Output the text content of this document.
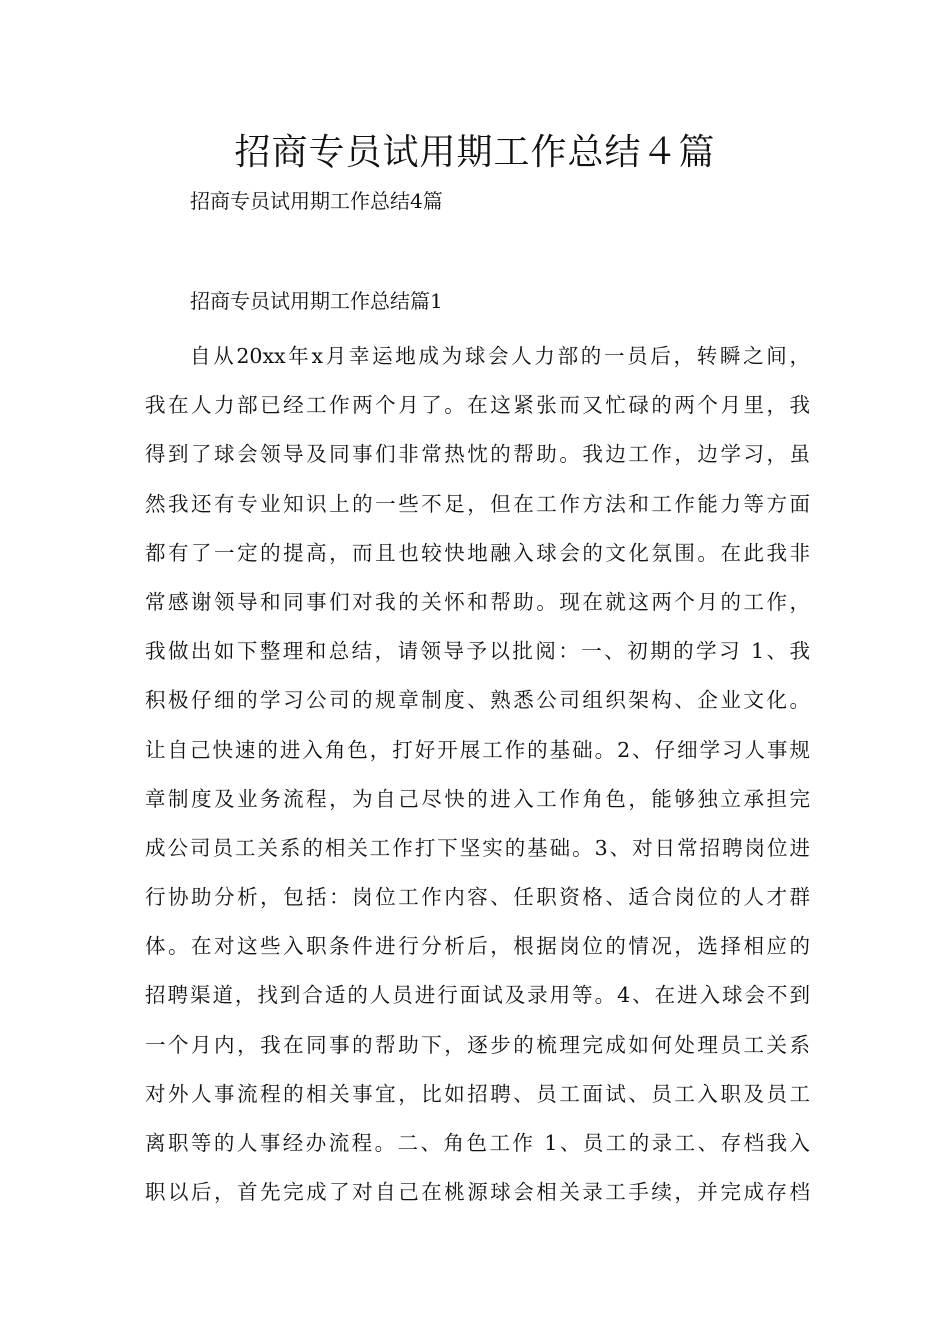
招商专员试用期工作总结４篇

招商专员试用期工作总结4篇

招商专员试用期工作总结篇1

自从20xx年x月幸运地成为球会人力部的一员后，转瞬之间，
我在人力部已经工作两个月了。在这紧张而又忙碌的两个月里，我
得到了球会领导及同事们非常热忱的帮助。我边工作，边学习，虽
然我还有专业知识上的一些不足，但在工作方法和工作能力等方面
都有了一定的提高，而且也较快地融入球会的文化氛围。在此我非
常感谢领导和同事们对我的关怀和帮助。现在就这两个月的工作，
我做出如下整理和总结，请领导予以批阅：一、初期的学习 1、我
积极仔细的学习公司的规章制度、熟悉公司组织架构、企业文化。
让自己快速的进入角色，打好开展工作的基础。2、仔细学习人事规
章制度及业务流程，为自己尽快的进入工作角色，能够独立承担完
成公司员工关系的相关工作打下坚实的基础。3、对日常招聘岗位进
行协助分析，包括：岗位工作内容、任职资格、适合岗位的人才群
体。在对这些入职条件进行分析后，根据岗位的情况，选择相应的
招聘渠道，找到合适的人员进行面试及录用等。4、在进入球会不到
一个月内，我在同事的帮助下，逐步的梳理完成如何处理员工关系
对外人事流程的相关事宜，比如招聘、员工面试、员工入职及员工
离职等的人事经办流程。二、角色工作 1、员工的录工、存档我入
职以后，首先完成了对自己在桃源球会相关录工手续，并完成存档
